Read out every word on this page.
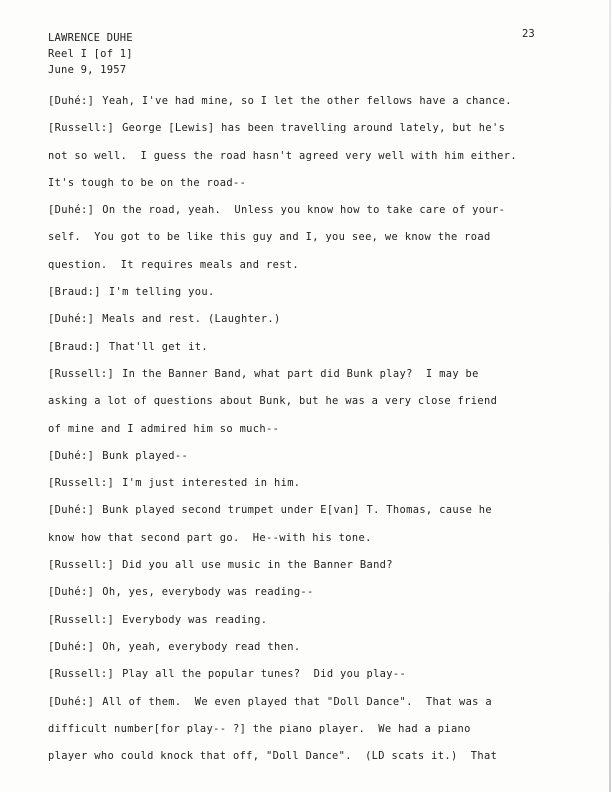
LAWRENCE DUHE
Reel I [of 1]
June 9, 1957
23
[Duhé:] Yeah, I've had mine, so I let the other fellows have a chance.
[Russell:] George [Lewis] has been travelling around lately, but he's
not so well.  I guess the road hasn't agreed very well with him either.
It's tough to be on the road--
[Duhé:] On the road, yeah.  Unless you know how to take care of your-
self.  You got to be like this guy and I, you see, we know the road
question.  It requires meals and rest.
[Braud:] I'm telling you.
[Duhé:] Meals and rest. (Laughter.)
[Braud:] That'll get it.
[Russell:] In the Banner Band, what part did Bunk play?  I may be
asking a lot of questions about Bunk, but he was a very close friend
of mine and I admired him so much--
[Duhé:] Bunk played--
[Russell:] I'm just interested in him.
[Duhé:] Bunk played second trumpet under E[van] T. Thomas, cause he
know how that second part go.  He--with his tone.
[Russell:] Did you all use music in the Banner Band?
[Duhé:] Oh, yes, everybody was reading--
[Russell:] Everybody was reading.
[Duhé:] Oh, yeah, everybody read then.
[Russell:] Play all the popular tunes?  Did you play--
[Duhé:] All of them.  We even played that "Doll Dance".  That was a
difficult number[for play-- ?] the piano player.  We had a piano
player who could knock that off, "Doll Dance".  (LD scats it.)  That
